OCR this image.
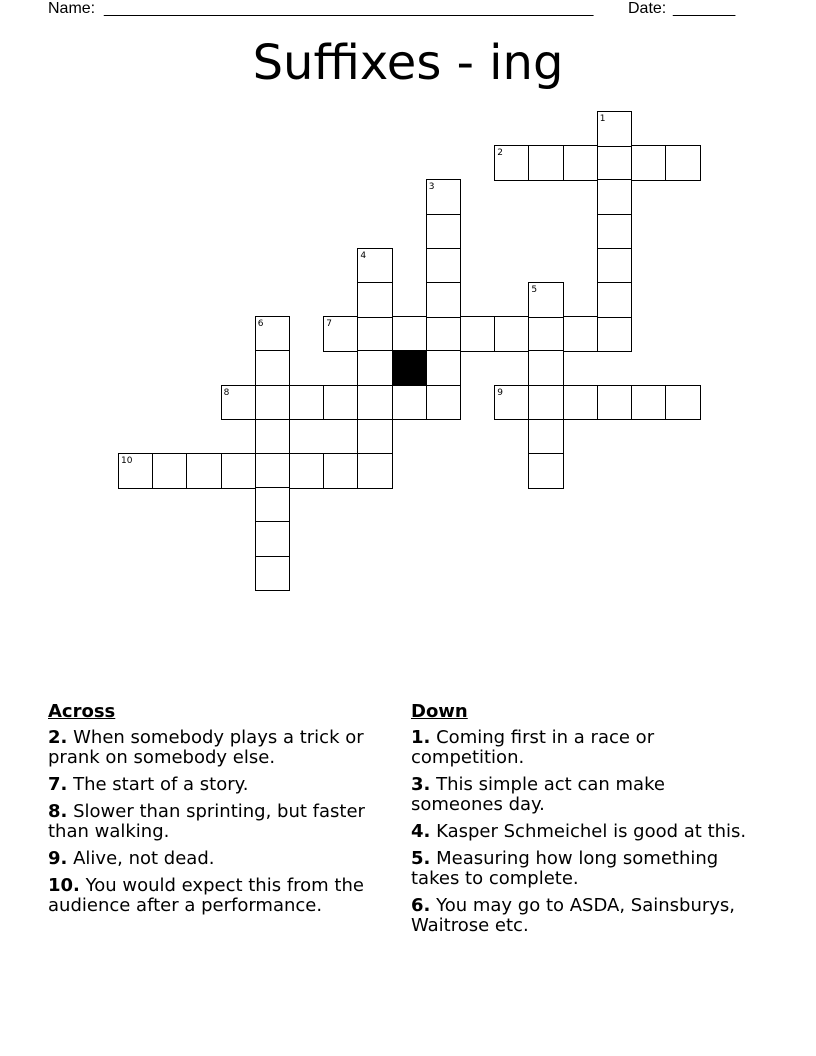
Name: _______________________________________________________ Date: _______
Suffixes - ing
2
7
8	9
10
1
3
4
5
6
Across
2. When somebody plays a trick or prank on somebody else.
7. The start of a story.
8. Slower than sprinting, but faster than walking.
9. Alive, not dead.
10. You would expect this from the audience after a performance.
Down
1. Coming first in a race or competition.
3. This simple act can make someones day.
4. Kasper Schmeichel is good at this.
5. Measuring how long something takes to complete.
6. You may go to ASDA, Sainsburys, Waitrose etc.
